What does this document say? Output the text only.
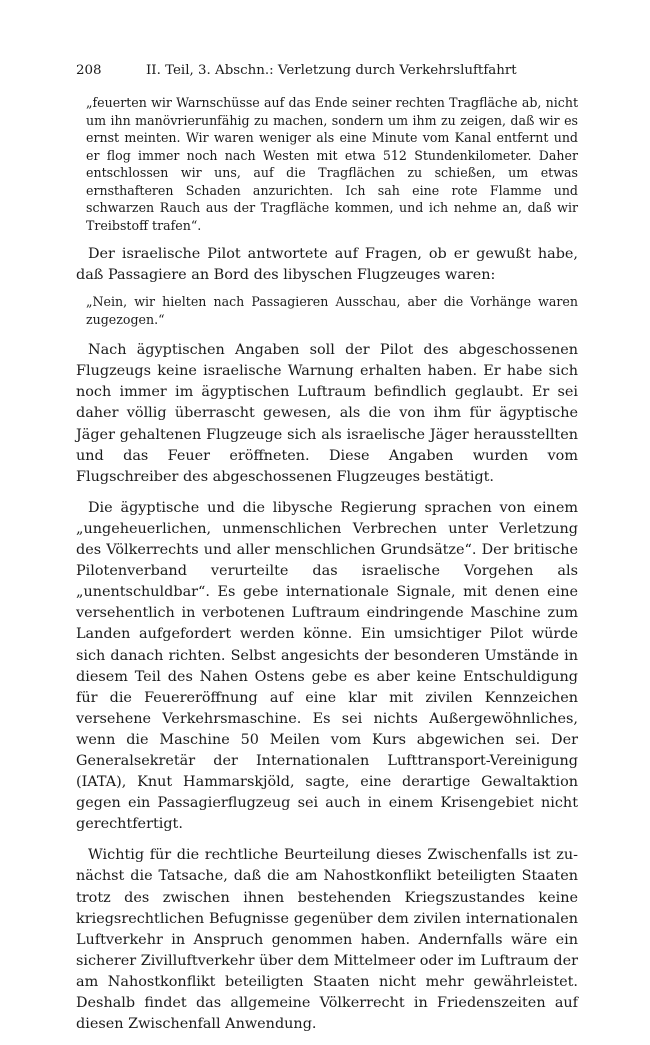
208	II. Teil, 3. Abschn.: Verletzung durch Verkehrsluftfahrt

„feuerten wir Warnschüsse auf das Ende seiner rechten Tragfläche ab, nicht um ihn manövrierunfähig zu machen, sondern um ihm zu zeigen, daß wir es ernst meinten. Wir waren weniger als eine Minute vom Kanal entfernt und er flog immer noch nach Westen mit etwa 512 Stundenkilometer. Daher entschlossen wir uns, auf die Tragflächen zu schießen, um etwas ernsthafteren Schaden anzurichten. Ich sah eine rote Flamme und schwarzen Rauch aus der Tragfläche kommen, und ich nehme an, daß wir Treibstoff trafen“.

Der israelische Pilot antwortete auf Fragen, ob er gewußt habe, daß Passagiere an Bord des libyschen Flugzeuges waren:

„Nein, wir hielten nach Passagieren Ausschau, aber die Vorhänge waren zugezogen.“

Nach ägyptischen Angaben soll der Pilot des abgeschossenen Flugzeugs keine israelische Warnung erhalten haben. Er habe sich noch immer im ägyptischen Luftraum befindlich geglaubt. Er sei daher völlig überrascht gewesen, als die von ihm für ägyptische Jäger gehaltenen Flugzeuge sich als israelische Jäger herausstellten und das Feuer eröffneten. Diese Angaben wurden vom Flugschreiber des abgeschossenen Flugzeuges bestätigt.

Die ägyptische und die libysche Regierung sprachen von einem „ungeheuerlichen, unmenschlichen Verbrechen unter Verletzung des Völkerrechts und aller menschlichen Grundsätze“. Der britische Pilotenverband verurteilte das israelische Vorgehen als „unentschuldbar“. Es gebe internationale Signale, mit denen eine versehentlich in verbotenen Luftraum eindringende Maschine zum Landen aufgefordert werden könne. Ein umsichtiger Pilot würde sich danach richten. Selbst angesichts der besonderen Umstände in diesem Teil des Nahen Ostens gebe es aber keine Entschuldigung für die Feuereröffnung auf eine klar mit zivilen Kennzeichen versehene Verkehrsmaschine. Es sei nichts Außergewöhnliches, wenn die Maschine 50 Meilen vom Kurs abgewichen sei. Der Generalsekretär der Internationalen Lufttransport-Vereinigung (IATA), Knut Hammarskjöld, sagte, eine derartige Gewaltaktion gegen ein Passagierflugzeug sei auch in einem Krisengebiet nicht gerechtfertigt.

Wichtig für die rechtliche Beurteilung dieses Zwischenfalls ist zunächst die Tatsache, daß die am Nahostkonflikt beteiligten Staaten trotz des zwischen ihnen bestehenden Kriegszustandes keine kriegsrechtlichen Befugnisse gegenüber dem zivilen internationalen Luftverkehr in Anspruch genommen haben. Andernfalls wäre ein sicherer Zivilluftverkehr über dem Mittelmeer oder im Luftraum der am Nahostkonflikt beteiligten Staaten nicht mehr gewährleistet. Deshalb findet das allgemeine Völkerrecht in Friedenszeiten auf diesen Zwischenfall Anwendung.
